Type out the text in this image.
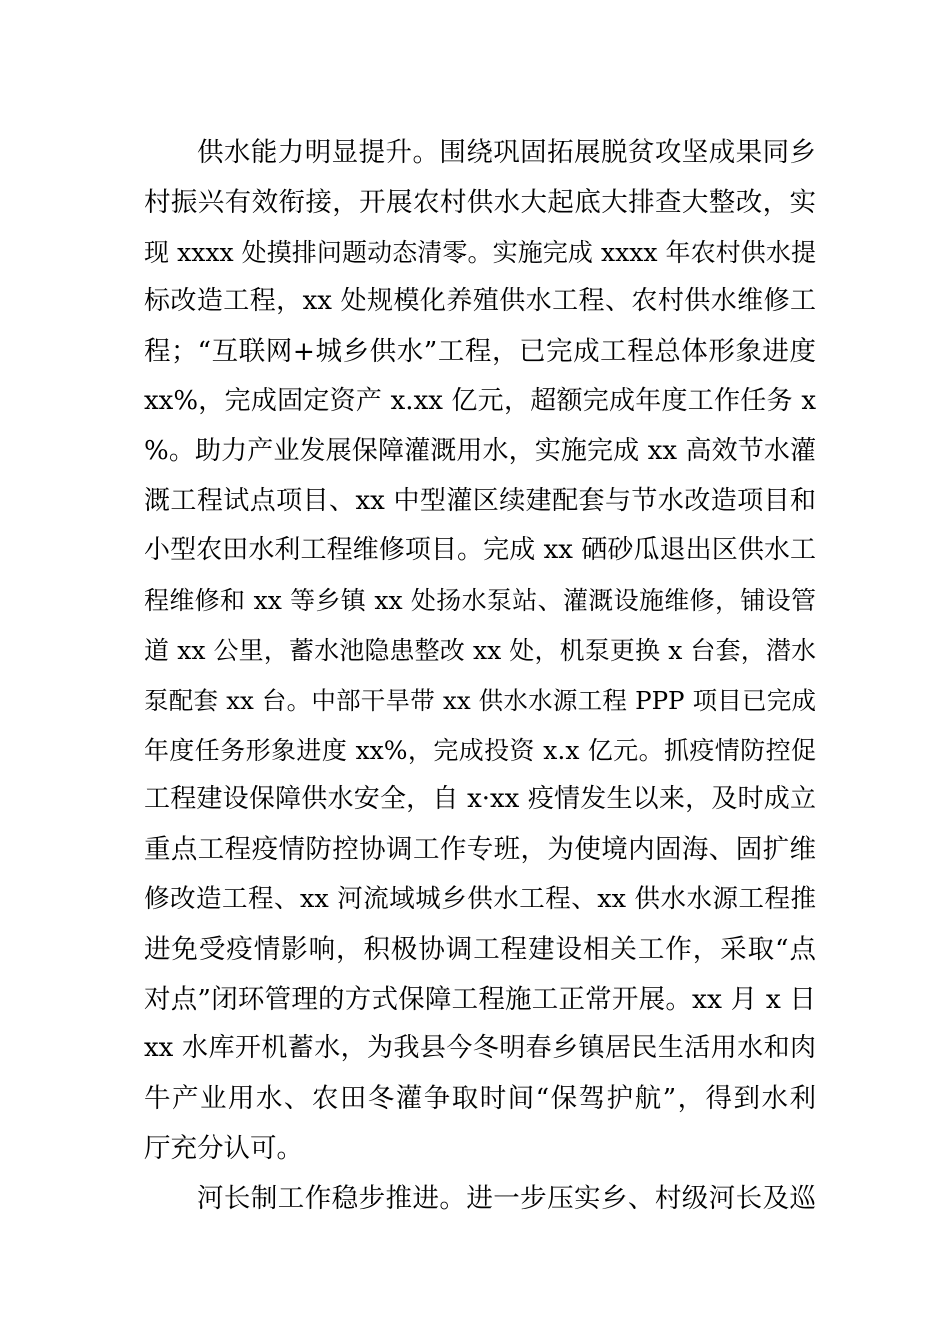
供水能力明显提升。围绕巩固拓展脱贫攻坚成果同乡
村振兴有效衔接，开展农村供水大起底大排查大整改，实
现 xxxx 处摸排问题动态清零。实施完成 xxxx 年农村供水提
标改造工程，xx 处规模化养殖供水工程、农村供水维修工
程；“互联网+城乡供水”工程，已完成工程总体形象进度
xx%，完成固定资产 x.xx 亿元，超额完成年度工作任务 x
%。助力产业发展保障灌溉用水，实施完成 xx 高效节水灌
溉工程试点项目、xx 中型灌区续建配套与节水改造项目和
小型农田水利工程维修项目。完成 xx 硒砂瓜退出区供水工
程维修和 xx 等乡镇 xx 处扬水泵站、灌溉设施维修，铺设管
道 xx 公里，蓄水池隐患整改 xx 处，机泵更换 x 台套，潜水
泵配套 xx 台。中部干旱带 xx 供水水源工程 PPP 项目已完成
年度任务形象进度 xx%，完成投资 x.x 亿元。抓疫情防控促
工程建设保障供水安全，自 x·xx 疫情发生以来，及时成立
重点工程疫情防控协调工作专班，为使境内固海、固扩维
修改造工程、xx 河流域城乡供水工程、xx 供水水源工程推
进免受疫情影响，积极协调工程建设相关工作，采取“点
对点”闭环管理的方式保障工程施工正常开展。xx 月 x 日
xx 水库开机蓄水，为我县今冬明春乡镇居民生活用水和肉
牛产业用水、农田冬灌争取时间“保驾护航”，得到水利
厅充分认可。
河长制工作稳步推进。进一步压实乡、村级河长及巡
